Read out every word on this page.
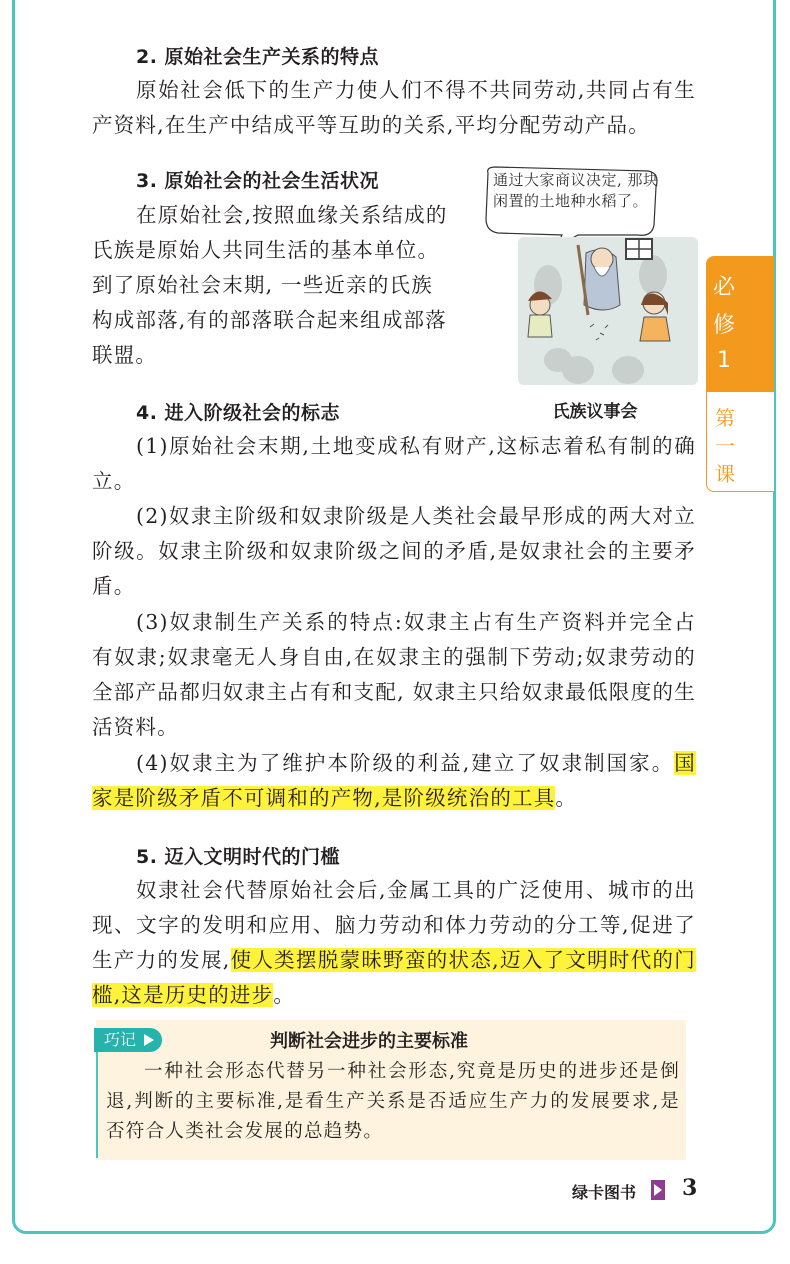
2. 原始社会生产关系的特点
原始社会低下的生产力使人们不得不共同劳动,共同占有生产资料,在生产中结成平等互助的关系,平均分配劳动产品。
3. 原始社会的社会生活状况
在原始社会,按照血缘关系结成的
氏族是原始人共同生活的基本单位。
到了原始社会末期, 一些近亲的氏族
构成部落,有的部落联合起来组成部落
联盟。
通过大家商议决定, 那块闲置的土地种水稻了。
氏族议事会
必
修
1
第
一
课
4. 进入阶级社会的标志
(1)原始社会末期,土地变成私有财产,这标志着私有制的确立。
(2)奴隶主阶级和奴隶阶级是人类社会最早形成的两大对立阶级。奴隶主阶级和奴隶阶级之间的矛盾,是奴隶社会的主要矛盾。
(3)奴隶制生产关系的特点:奴隶主占有生产资料并完全占有奴隶;奴隶毫无人身自由,在奴隶主的强制下劳动;奴隶劳动的全部产品都归奴隶主占有和支配, 奴隶主只给奴隶最低限度的生活资料。
(4)奴隶主为了维护本阶级的利益,建立了奴隶制国家。国家是阶级矛盾不可调和的产物,是阶级统治的工具。
5. 迈入文明时代的门槛
奴隶社会代替原始社会后,金属工具的广泛使用、城市的出现、文字的发明和应用、脑力劳动和体力劳动的分工等,促进了生产力的发展,使人类摆脱蒙昧野蛮的状态,迈入了文明时代的门槛,这是历史的进步。
巧记	判断社会进步的主要标准
一种社会形态代替另一种社会形态,究竟是历史的进步还是倒退,判断的主要标准,是看生产关系是否适应生产力的发展要求,是否符合人类社会发展的总趋势。
绿卡图书 3
